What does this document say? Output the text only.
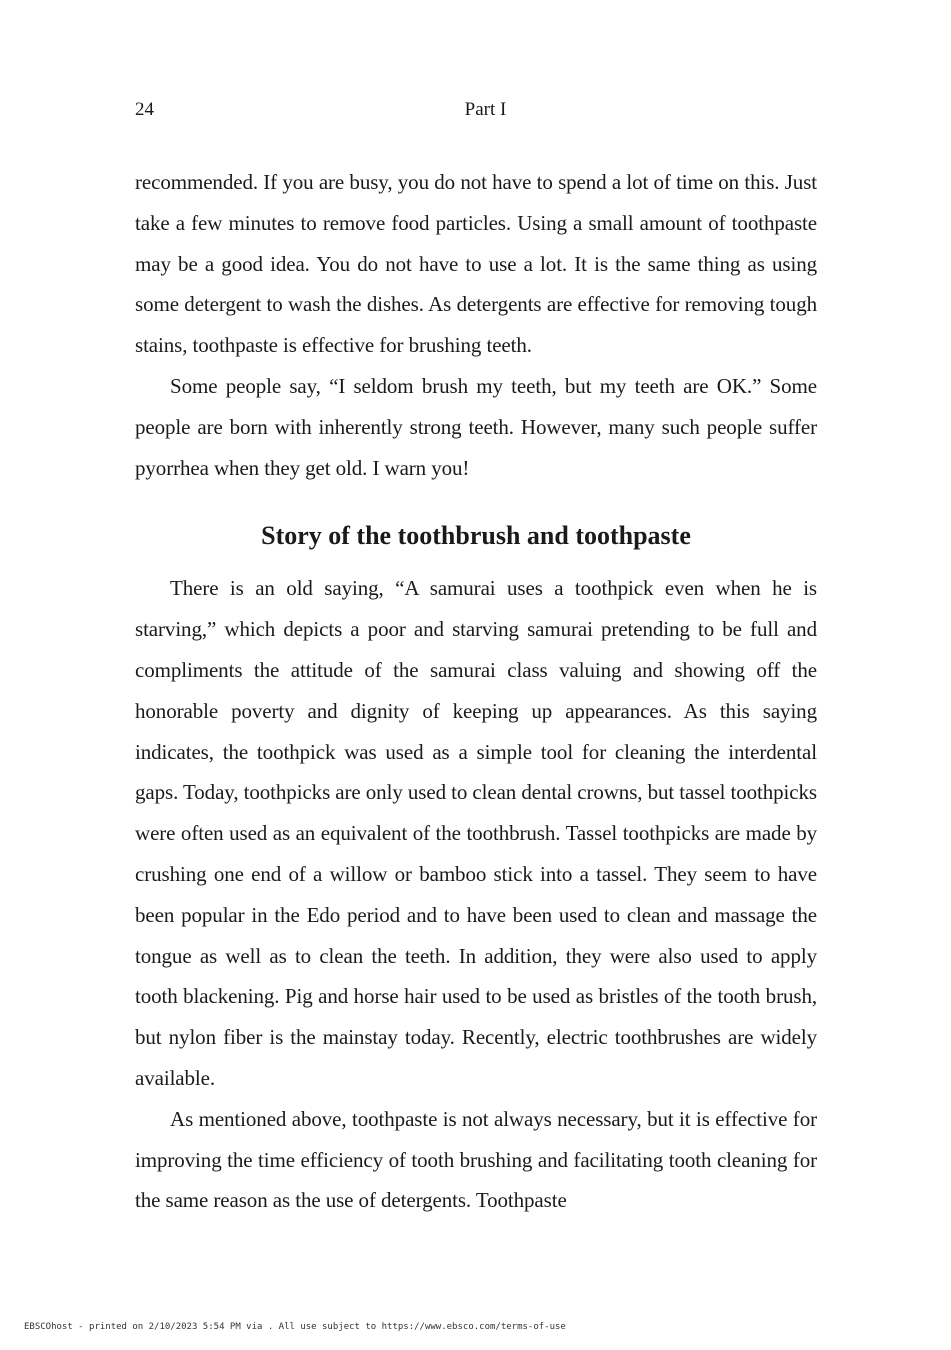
24	Part I

recommended. If you are busy, you do not have to spend a lot of time on this. Just take a few minutes to remove food particles. Using a small amount of toothpaste may be a good idea. You do not have to use a lot. It is the same thing as using some detergent to wash the dishes. As detergents are effective for removing tough stains, toothpaste is effective for brushing teeth.

Some people say, “I seldom brush my teeth, but my teeth are OK.” Some people are born with inherently strong teeth. However, many such people suffer pyorrhea when they get old. I warn you!

Story of the toothbrush and toothpaste

There is an old saying, “A samurai uses a toothpick even when he is starving,” which depicts a poor and starving samurai pretending to be full and compliments the attitude of the samurai class valuing and showing off the honorable poverty and dignity of keeping up appearances. As this saying indicates, the toothpick was used as a simple tool for cleaning the interdental gaps. Today, toothpicks are only used to clean dental crowns, but tassel toothpicks were often used as an equivalent of the toothbrush. Tassel toothpicks are made by crushing one end of a willow or bamboo stick into a tassel. They seem to have been popular in the Edo period and to have been used to clean and massage the tongue as well as to clean the teeth. In addition, they were also used to apply tooth blackening. Pig and horse hair used to be used as bristles of the tooth brush, but nylon fiber is the mainstay today. Recently, electric toothbrushes are widely available.

As mentioned above, toothpaste is not always necessary, but it is effective for improving the time efficiency of tooth brushing and facilitating tooth cleaning for the same reason as the use of detergents. Toothpaste

EBSCOhost - printed on 2/10/2023 5:54 PM via . All use subject to https://www.ebsco.com/terms-of-use
